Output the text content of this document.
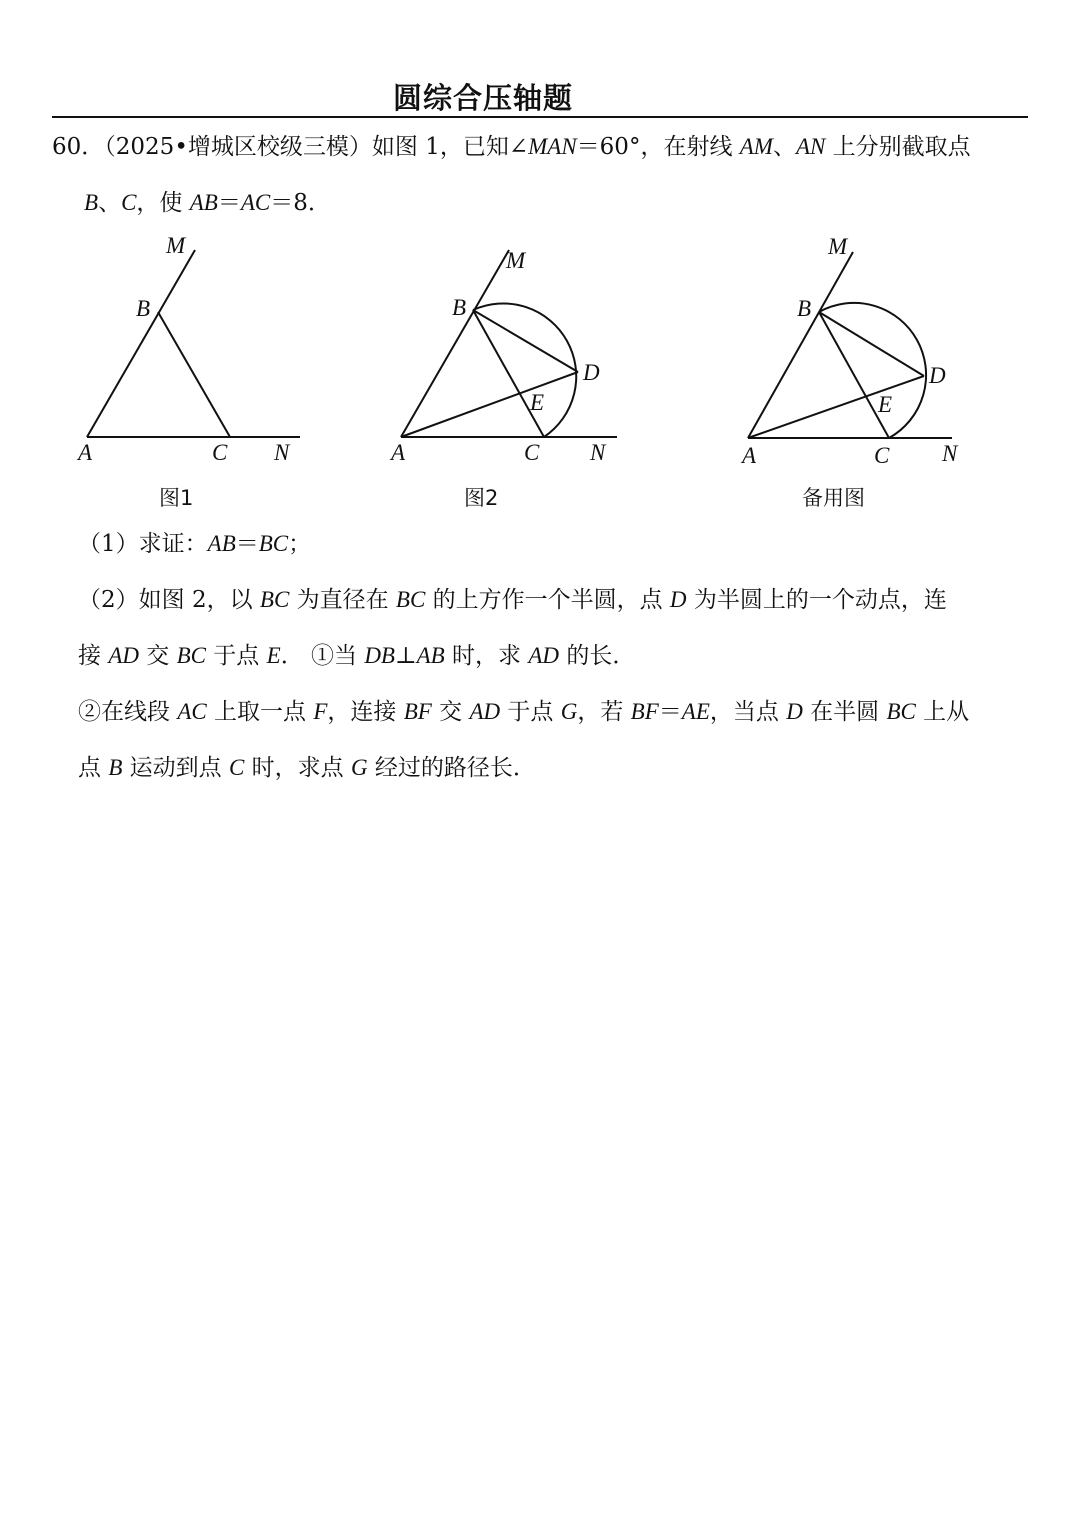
圆综合压轴题
60．（2025•增城区校级三模）如图 1，已知∠MAN＝60°，在射线 AM、AN 上分别截取点
B、C，使 AB＝AC＝8．
M
B
A	C N
M
B
D
E
A	C N
M
B
D
E
A	C N
图1	图2	备用图
（1）求证：AB＝BC；
（2）如图 2，以 BC 为直径在 BC 的上方作一个半圆，点 D 为半圆上的一个动点，连
接 AD 交 BC 于点 E． ①当 DB⊥AB 时，求 AD 的长．
②在线段 AC 上取一点 F，连接 BF 交 AD 于点 G，若 BF＝AE，当点 D 在半圆 BC 上从
点 B 运动到点 C 时，求点 G 经过的路径长．
